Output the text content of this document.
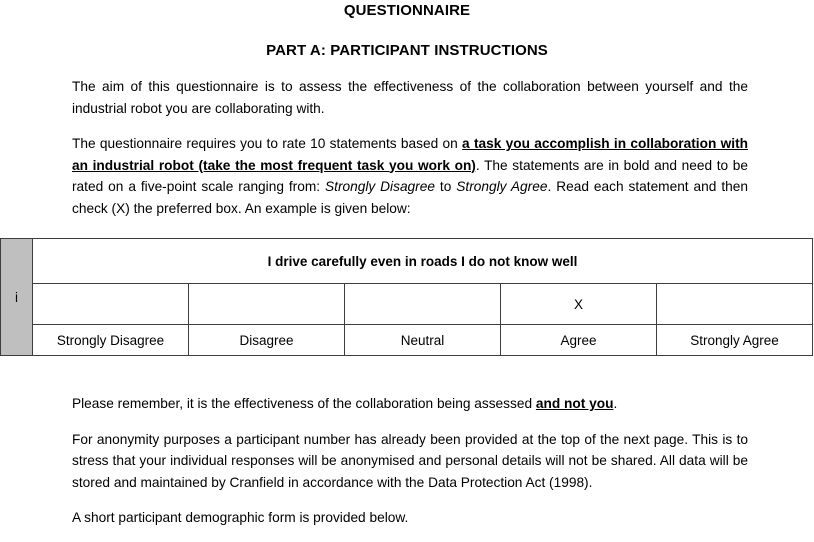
QUESTIONNAIRE
PART A: PARTICIPANT INSTRUCTIONS

The aim of this questionnaire is to assess the effectiveness of the collaboration between yourself and the industrial robot you are collaborating with.

The questionnaire requires you to rate 10 statements based on a task you accomplish in collaboration with an industrial robot (take the most frequent task you work on). The statements are in bold and need to be rated on a five-point scale ranging from: Strongly Disagree to Strongly Agree. Read each statement and then check (X) the preferred box. An example is given below:

i	I drive carefully even in roads I do not know well				
				X	
	Strongly Disagree	Disagree	Neutral	Agree	Strongly Agree

Please remember, it is the effectiveness of the collaboration being assessed and not you.

For anonymity purposes a participant number has already been provided at the top of the next page. This is to stress that your individual responses will be anonymised and personal details will not be shared. All data will be stored and maintained by Cranfield in accordance with the Data Protection Act (1998).

A short participant demographic form is provided below.
